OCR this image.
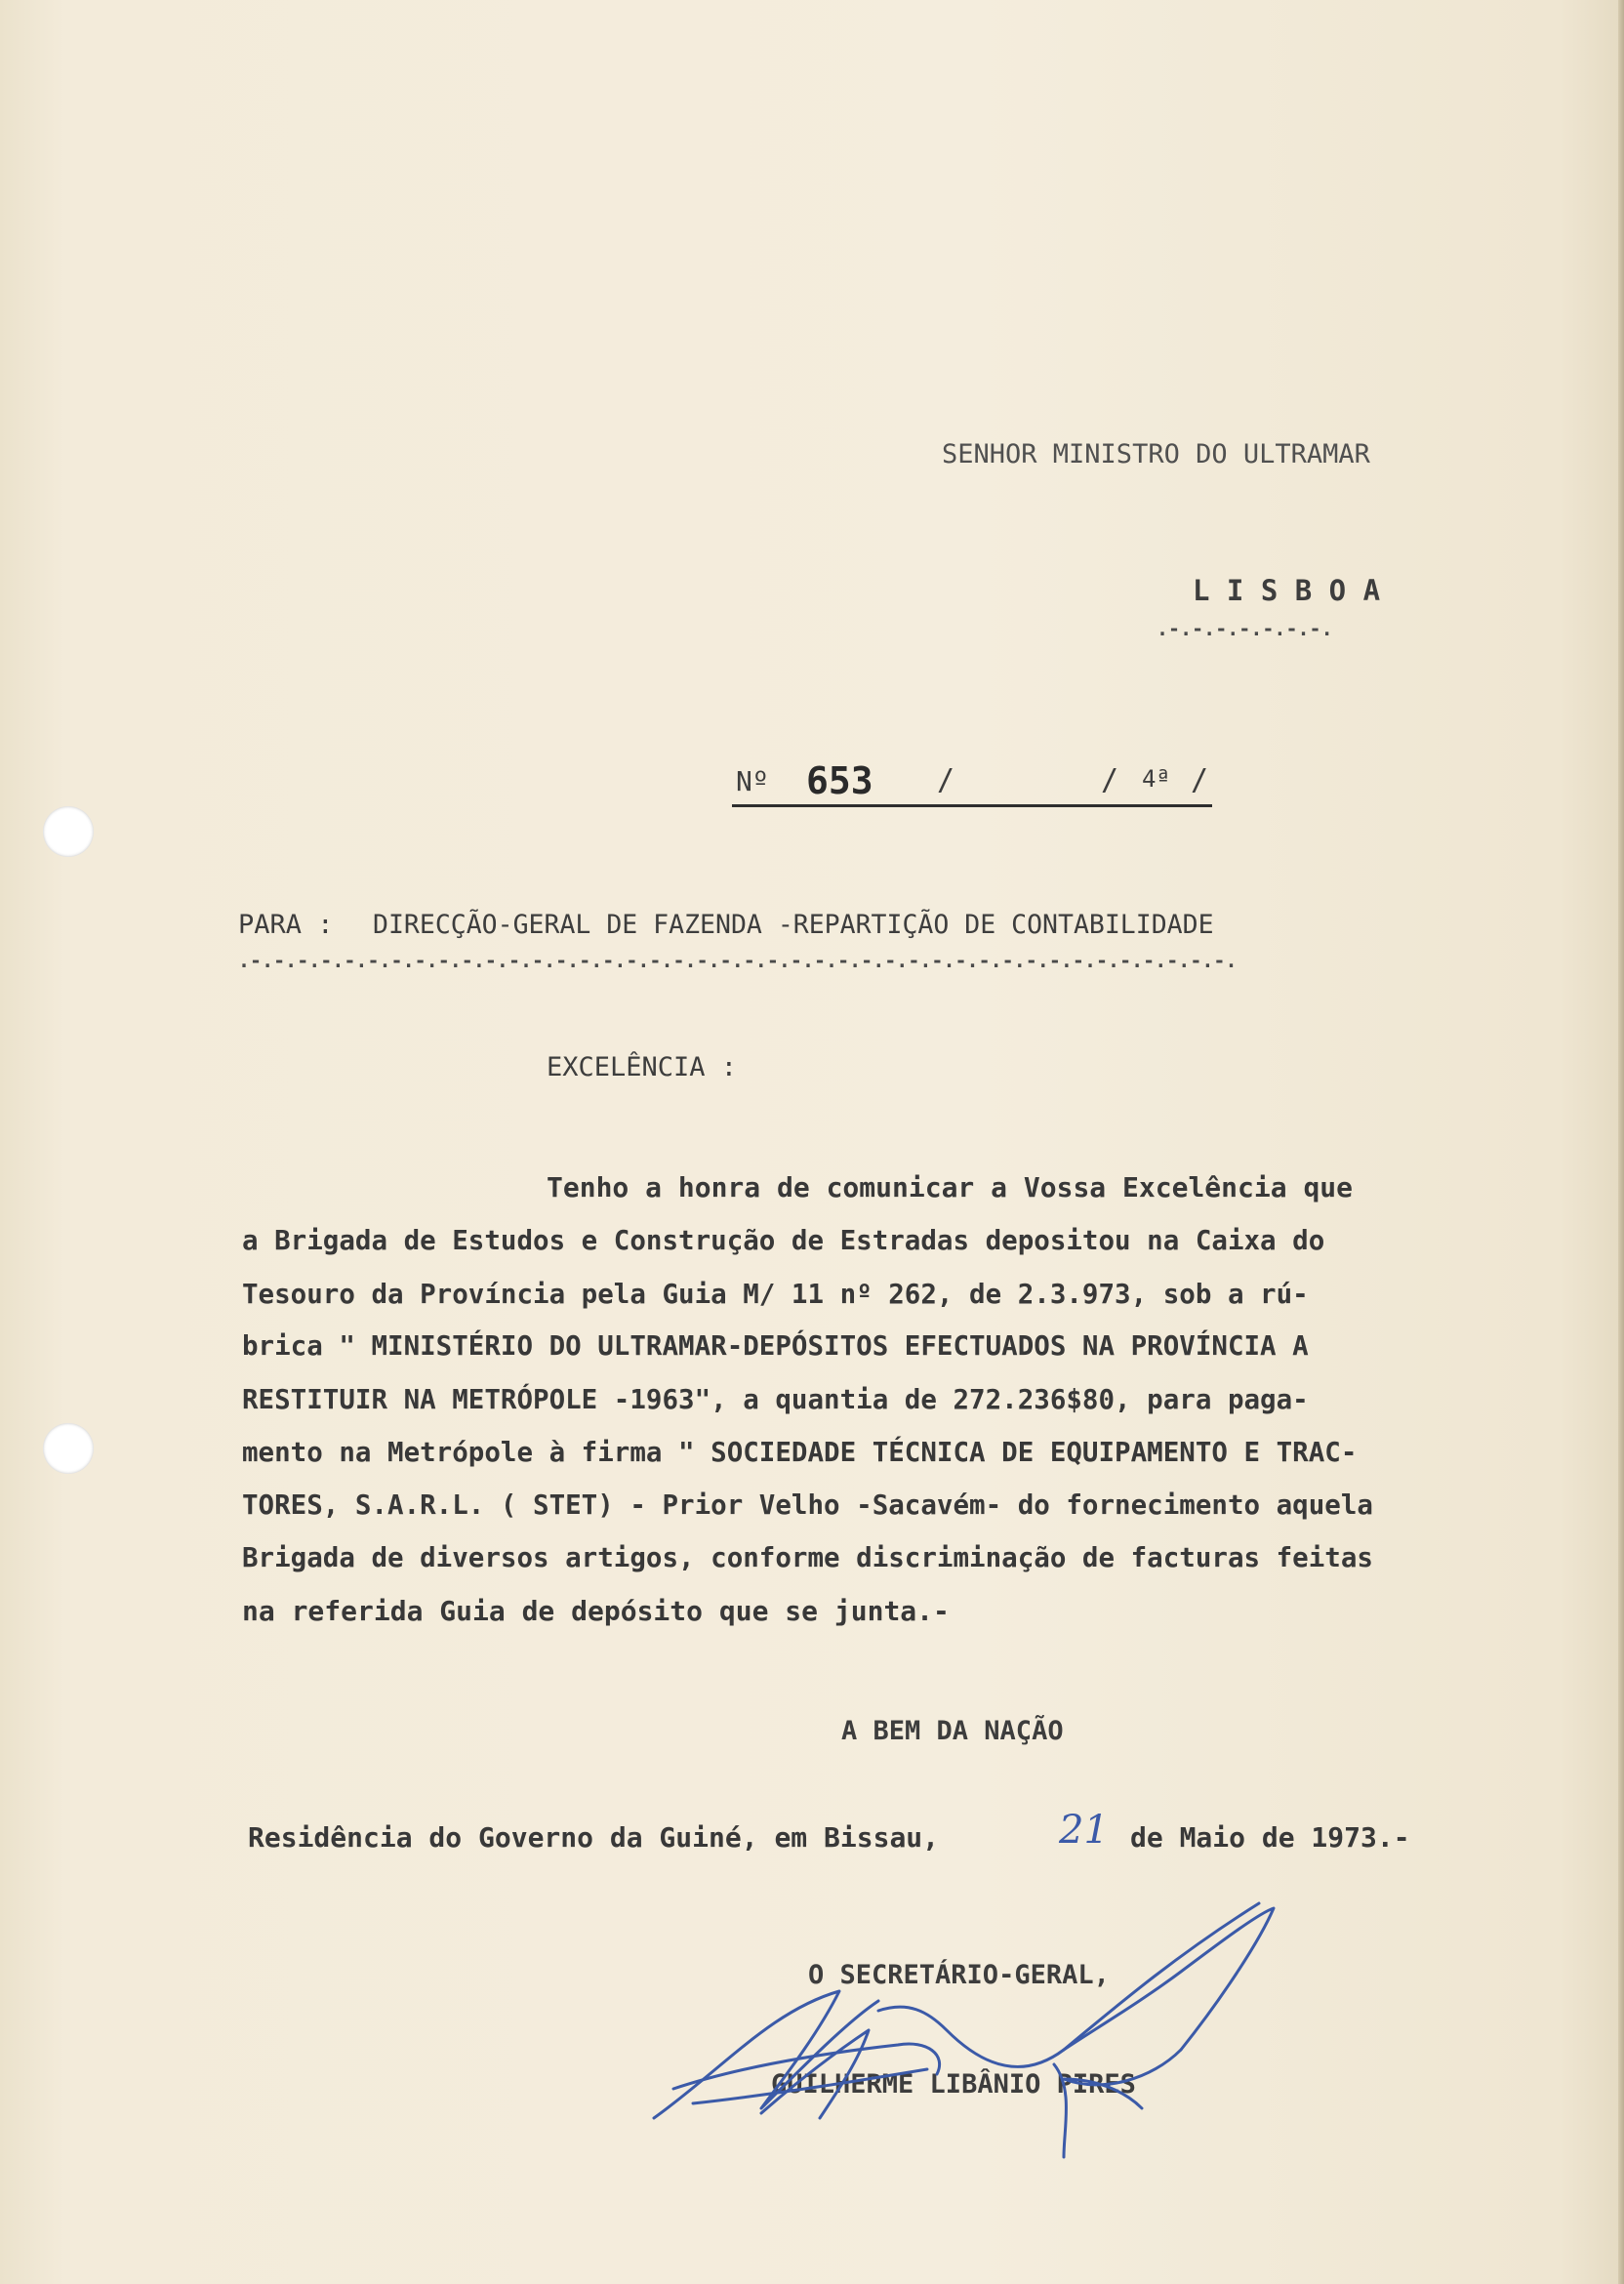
SENHOR MINISTRO DO ULTRAMAR

L I S B O A

.-.-.-.-.-.-.-.

Nº 653 /	/ 4ª /

PARA : DIRECÇÃO-GERAL DE FAZENDA -REPARTIÇÃO DE CONTABILIDADE

.-.-.-.-.-.-.-.-.-.-.-.-.-.-.-.-.-.-.-.-.-.-.-.-.-.-.-.-.-.-.-.-.-.-.-.-.-.-.-.-.-.-.

EXCELÊNCIA :

Tenho a honra de comunicar a Vossa Excelência que

a Brigada de Estudos e Construção de Estradas depositou na Caixa do

Tesouro da Província pela Guia M/ 11 nº 262, de 2.3.973, sob a rú-

brica " MINISTÉRIO DO ULTRAMAR-DEPÓSITOS EFECTUADOS NA PROVÍNCIA A

RESTITUIR NA METRÓPOLE -1963", a quantia de 272.236$80, para paga-

mento na Metrópole à firma " SOCIEDADE TÉCNICA DE EQUIPAMENTO E TRAC-

TORES, S.A.R.L. ( STET) - Prior Velho -Sacavém- do fornecimento aquela

Brigada de diversos artigos, conforme discriminação de facturas feitas

na referida Guia de depósito que se junta.-

A BEM DA NAÇÃO

Residência do Governo da Guiné, em Bissau,	21 de Maio de 1973.-

O SECRETÁRIO-GERAL,

GUILHERME LIBÂNIO PIRES
